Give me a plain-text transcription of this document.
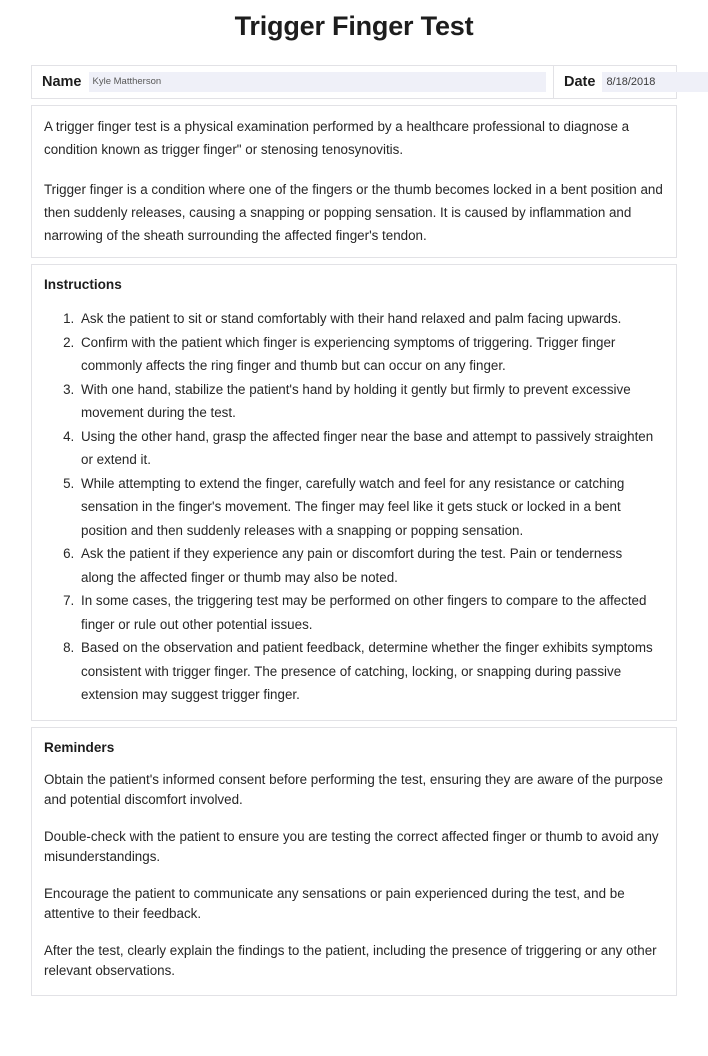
Trigger Finger Test
Name
Kyle Mattherson	Date
8/18/2018

A trigger finger test is a physical examination performed by a healthcare professional to diagnose a condition known as trigger finger" or stenosing tenosynovitis.

Trigger finger is a condition where one of the fingers or the thumb becomes locked in a bent position and then suddenly releases, causing a snapping or popping sensation. It is caused by inflammation and narrowing of the sheath surrounding the affected finger's tendon.

Instructions
1. Ask the patient to sit or stand comfortably with their hand relaxed and palm facing upwards.
2. Confirm with the patient which finger is experiencing symptoms of triggering. Trigger finger commonly affects the ring finger and thumb but can occur on any finger.
3. With one hand, stabilize the patient's hand by holding it gently but firmly to prevent excessive movement during the test.
4. Using the other hand, grasp the affected finger near the base and attempt to passively straighten or extend it.
5. While attempting to extend the finger, carefully watch and feel for any resistance or catching sensation in the finger's movement. The finger may feel like it gets stuck or locked in a bent position and then suddenly releases with a snapping or popping sensation.
6. Ask the patient if they experience any pain or discomfort during the test. Pain or tenderness along the affected finger or thumb may also be noted.
7. In some cases, the triggering test may be performed on other fingers to compare to the affected finger or rule out other potential issues.
8. Based on the observation and patient feedback, determine whether the finger exhibits symptoms consistent with trigger finger. The presence of catching, locking, or snapping during passive extension may suggest trigger finger.
Reminders

Obtain the patient's informed consent before performing the test, ensuring they are aware of the purpose and potential discomfort involved.

Double-check with the patient to ensure you are testing the correct affected finger or thumb to avoid any misunderstandings.

Encourage the patient to communicate any sensations or pain experienced during the test, and be attentive to their feedback.

After the test, clearly explain the findings to the patient, including the presence of triggering or any other relevant observations.
